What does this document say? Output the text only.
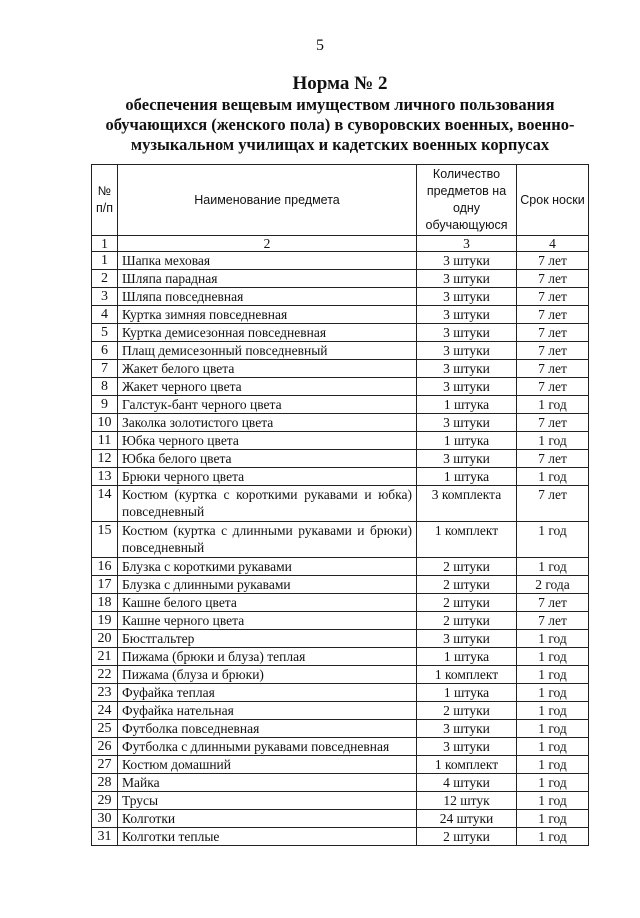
5
Норма № 2
обеспечения вещевым имуществом личного пользования
обучающихся (женского пола) в суворовских военных, военно-
музыкальном училищах и кадетских военных корпусах
№ п/п	Наименование предмета	Количество предметов на одну обучающуюся	Срок носки
1	2	3	4
1	Шапка меховая	3 штуки	7 лет
2	Шляпа парадная	3 штуки	7 лет
3	Шляпа повседневная	3 штуки	7 лет
4	Куртка зимняя повседневная	3 штуки	7 лет
5	Куртка демисезонная повседневная	3 штуки	7 лет
6	Плащ демисезонный повседневный	3 штуки	7 лет
7	Жакет белого цвета	3 штуки	7 лет
8	Жакет черного цвета	3 штуки	7 лет
9	Галстук-бант черного цвета	1 штука	1 год
10	Заколка золотистого цвета	3 штуки	7 лет
11	Юбка черного цвета	1 штука	1 год
12	Юбка белого цвета	3 штуки	7 лет
13	Брюки черного цвета	1 штука	1 год
14	Костюм (куртка с короткими рукавами и юбка) повседневный	3 комплекта	7 лет
15	Костюм (куртка с длинными рукавами и брюки) повседневный	1 комплект	1 год
16	Блузка с короткими рукавами	2 штуки	1 год
17	Блузка с длинными рукавами	2 штуки	2 года
18	Кашне белого цвета	2 штуки	7 лет
19	Кашне черного цвета	2 штуки	7 лет
20	Бюстгальтер	3 штуки	1 год
21	Пижама (брюки и блуза) теплая	1 штука	1 год
22	Пижама (блуза и брюки)	1 комплект	1 год
23	Фуфайка теплая	1 штука	1 год
24	Фуфайка нательная	2 штуки	1 год
25	Футболка повседневная	3 штуки	1 год
26	Футболка с длинными рукавами повседневная	3 штуки	1 год
27	Костюм домашний	1 комплект	1 год
28	Майка	4 штуки	1 год
29	Трусы	12 штук	1 год
30	Колготки	24 штуки	1 год
31	Колготки теплые	2 штуки	1 год
